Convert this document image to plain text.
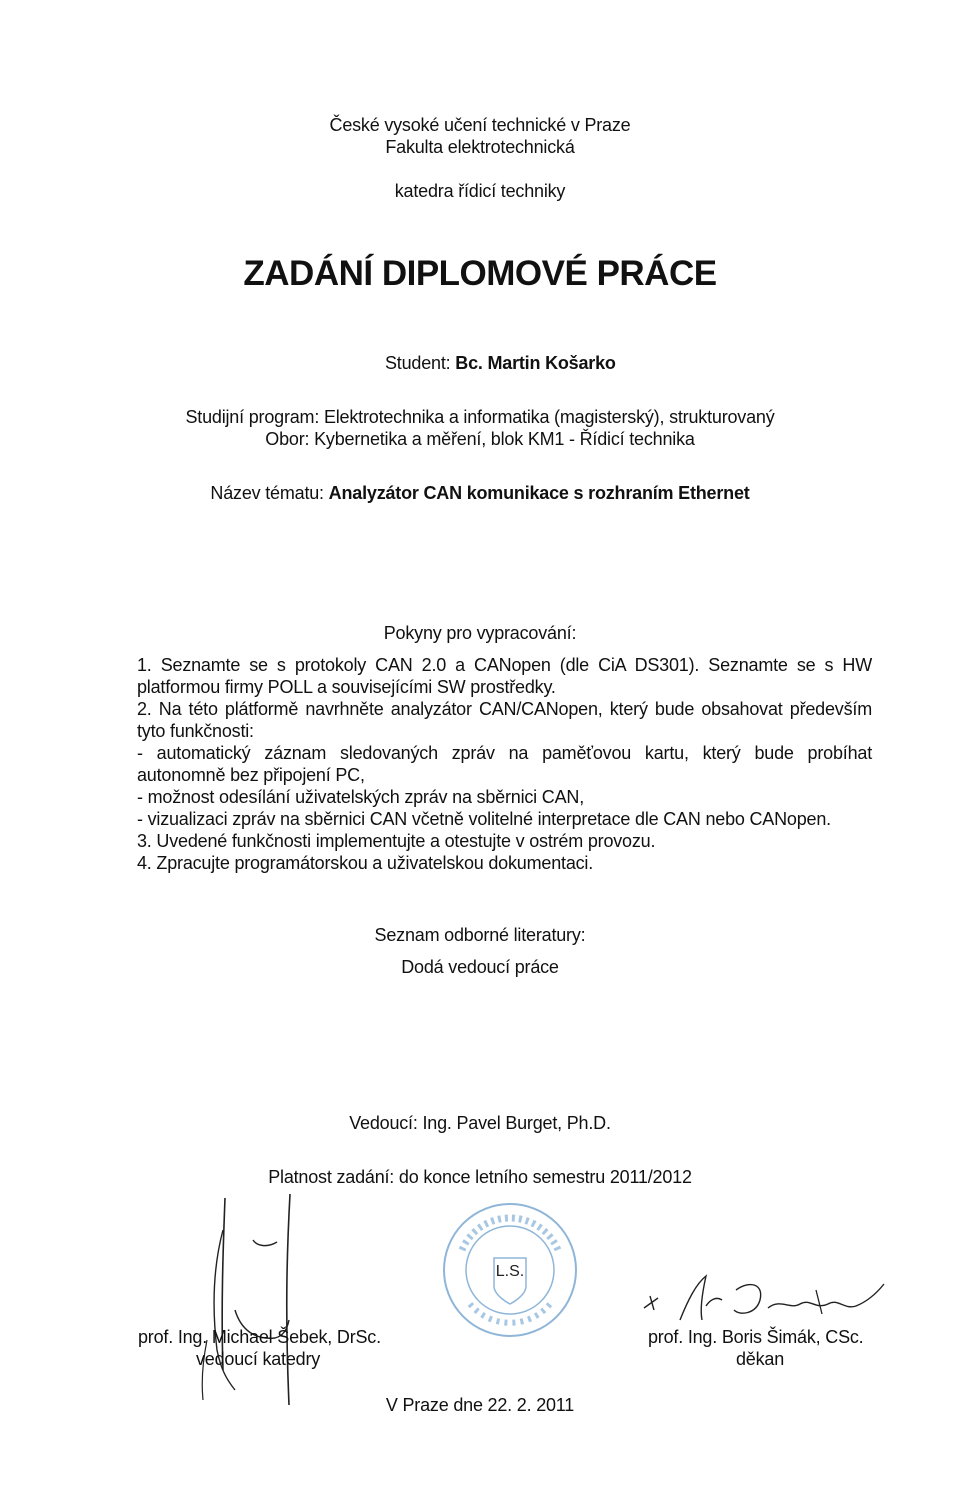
České vysoké učení technické v Praze
Fakulta elektrotechnická
katedra řídicí techniky
ZADÁNÍ DIPLOMOVÉ PRÁCE
Student: Bc. Martin Košarko
Studijní program: Elektrotechnika a informatika (magisterský), strukturovaný
Obor: Kybernetika a měření, blok KM1 - Řídicí technika
Název tématu: Analyzátor CAN komunikace s rozhraním Ethernet
Pokyny pro vypracování:
1. Seznamte se s protokoly CAN 2.0 a CANopen (dle CiA DS301). Seznamte se s HW platformou firmy POLL a souvisejícími SW prostředky.
2. Na této plátformě navrhněte analyzátor CAN/CANopen, který bude obsahovat především tyto funkčnosti:
- automatický záznam sledovaných zpráv na paměťovou kartu, který bude probíhat autonomně bez připojení PC,
- možnost odesílání uživatelských zpráv na sběrnici CAN,
- vizualizaci zpráv na sběrnici CAN včetně volitelné interpretace dle CAN nebo CANopen.
3. Uvedené funkčnosti implementujte a otestujte v ostrém provozu.
4. Zpracujte programátorskou a uživatelskou dokumentaci.
Seznam odborné literatury:
Dodá vedoucí práce
Vedoucí: Ing. Pavel Burget, Ph.D.
Platnost zadání: do konce letního semestru 2011/2012
L.S.
prof. Ing. Michael Šebek, DrSc.
vedoucí katedry
prof. Ing. Boris Šimák, CSc.
děkan
V Praze dne 22. 2. 2011
